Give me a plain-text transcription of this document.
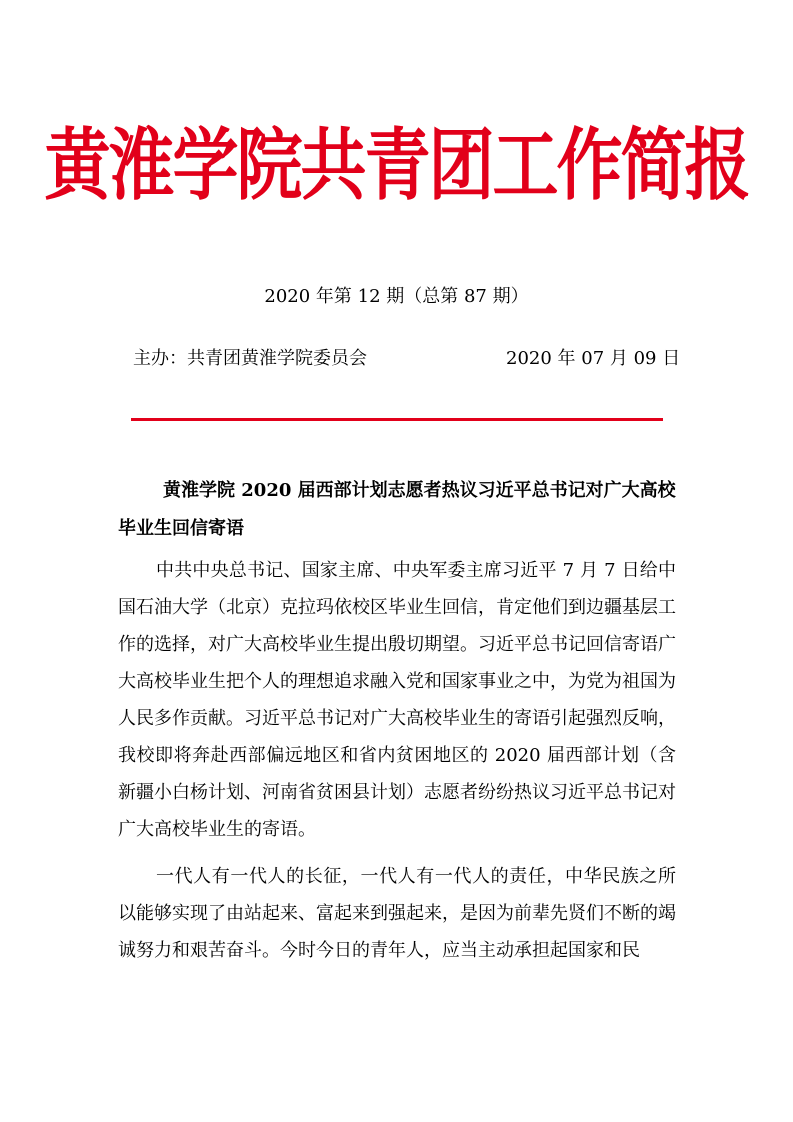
黄淮学院共青团工作简报
2020 年第 12 期（总第 87 期）
主办：共青团黄淮学院委员会	2020 年 07 月 09 日

黄淮学院 2020 届西部计划志愿者热议习近平总书记对广大高校毕业生回信寄语

中共中央总书记、国家主席、中央军委主席习近平 7 月 7 日给中国石油大学（北京）克拉玛依校区毕业生回信，肯定他们到边疆基层工作的选择，对广大高校毕业生提出殷切期望。习近平总书记回信寄语广大高校毕业生把个人的理想追求融入党和国家事业之中，为党为祖国为人民多作贡献。习近平总书记对广大高校毕业生的寄语引起强烈反响，我校即将奔赴西部偏远地区和省内贫困地区的 2020 届西部计划（含新疆小白杨计划、河南省贫困县计划）志愿者纷纷热议习近平总书记对广大高校毕业生的寄语。

一代人有一代人的长征，一代人有一代人的责任，中华民族之所以能够实现了由站起来、富起来到强起来，是因为前辈先贤们不断的竭诚努力和艰苦奋斗。今时今日的青年人，应当主动承担起国家和民
